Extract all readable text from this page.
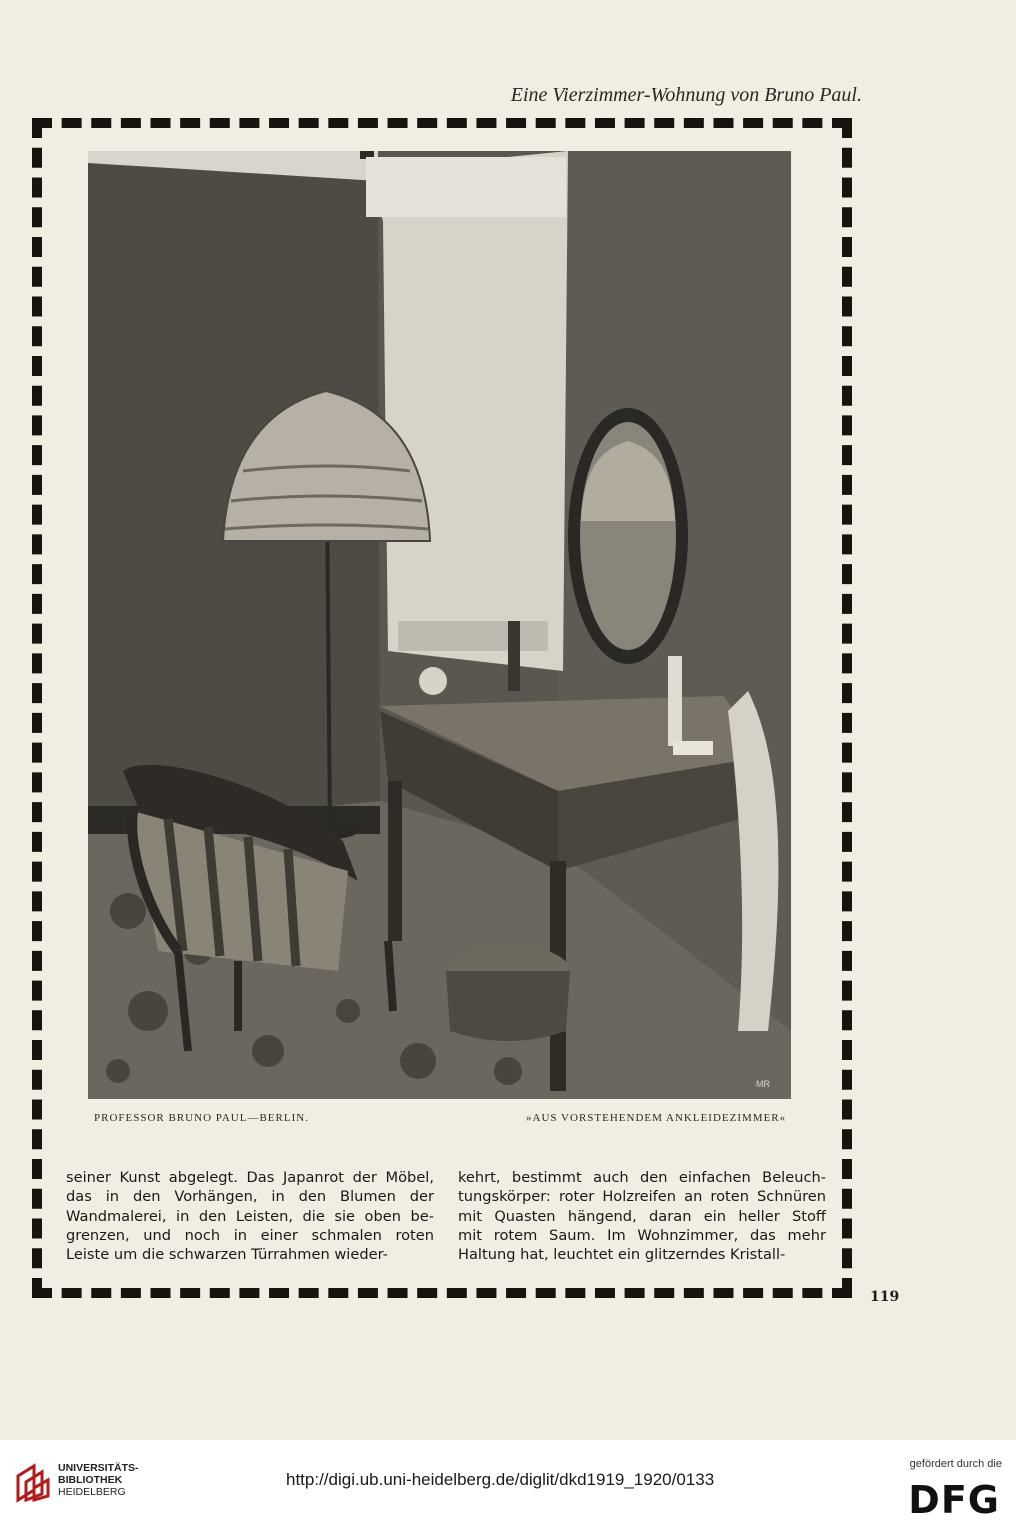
Eine Vierzimmer-Wohnung von Bruno Paul.
MR
PROFESSOR BRUNO PAUL—BERLIN.	»AUS VORSTEHENDEM ANKLEIDEZIMMER«
seiner Kunst abgelegt. Das Japanrot der Möbel,
das in den Vorhängen, in den Blumen der
Wandmalerei, in den Leisten, die sie oben be-
grenzen, und noch in einer schmalen roten
Leiste um die schwarzen Türrahmen wieder-
kehrt, bestimmt auch den einfachen Beleuch-
tungskörper: roter Holzreifen an roten Schnüren
mit Quasten hängend, daran ein heller Stoff
mit rotem Saum. Im Wohnzimmer, das mehr
Haltung hat, leuchtet ein glitzerndes Kristall-
119
UNIVERSITÄTS-
BIBLIOTHEK
HEIDELBERG
http://digi.ub.uni-heidelberg.de/diglit/dkd1919_1920/0133
gefördert durch die
DFG
